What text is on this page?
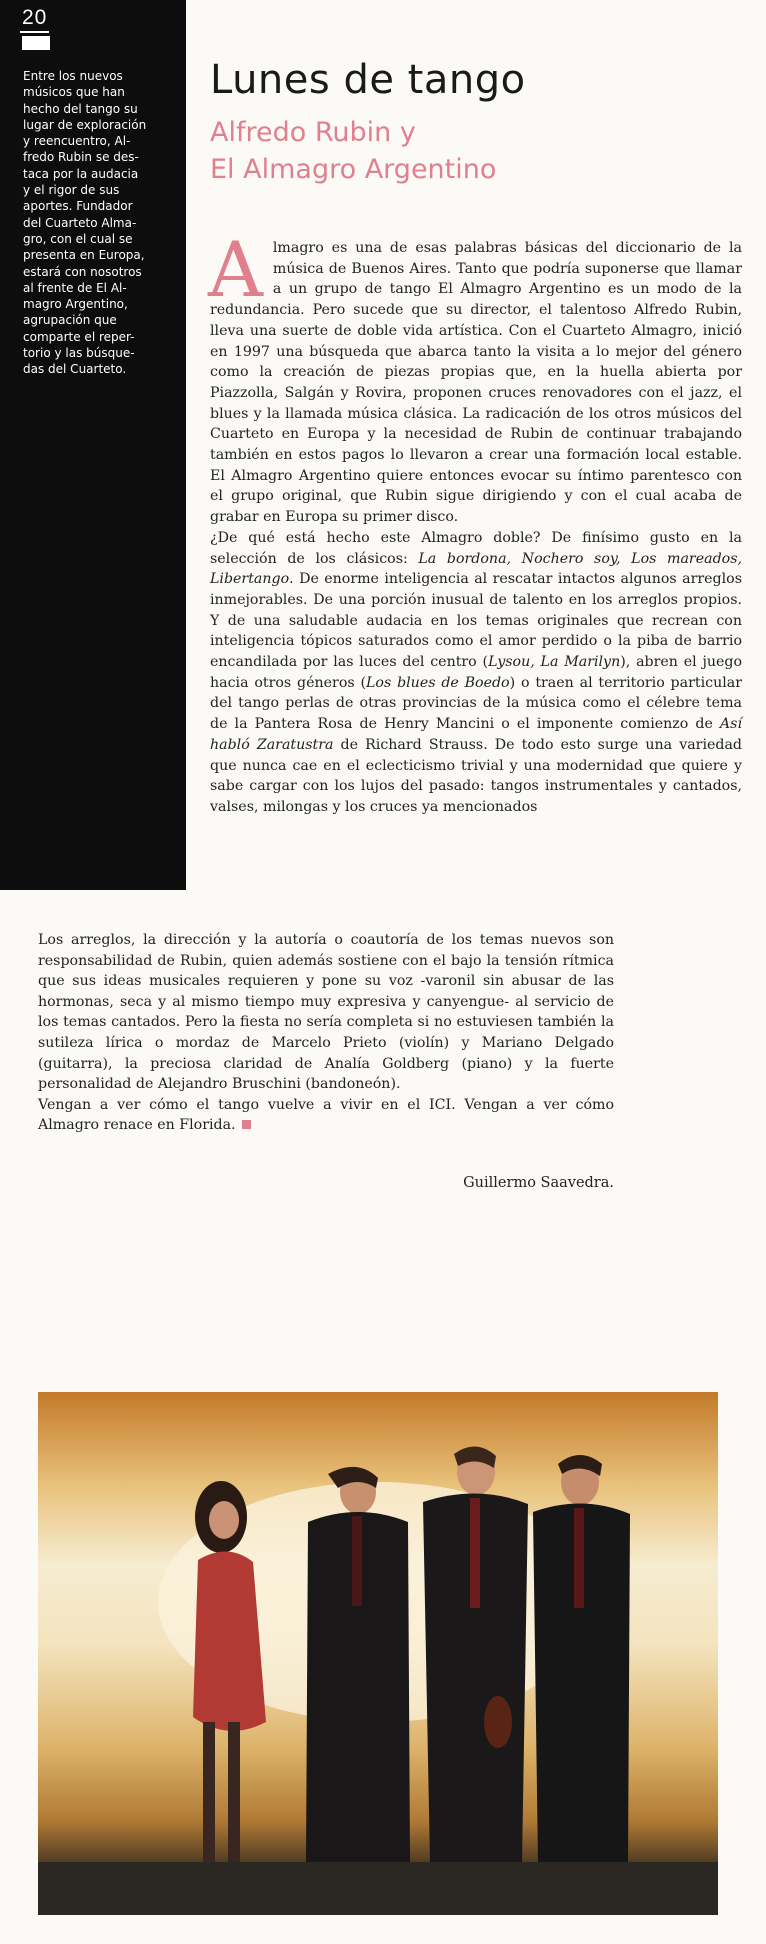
20
Entre los nuevos
músicos que han
hecho del tango su
lugar de exploración
y reencuentro, Al-
fredo Rubin se des-
taca por la audacia
y el rigor de sus
aportes. Fundador
del Cuarteto Alma-
gro, con el cual se
presenta en Europa,
estará con nosotros
al frente de El Al-
magro Argentino,
agrupación que
comparte el reper-
torio y las búsque-
das del Cuarteto.
Lunes de tango
Alfredo Rubin y
El Almagro Argentino

Almagro es una de esas palabras básicas del diccionario de la música de Buenos Aires. Tanto que podría suponerse que llamar a un grupo de tango El Almagro Argentino es un modo de la redundancia. Pero sucede que su director, el talentoso Alfredo Rubin, lleva una suerte de doble vida artística. Con el Cuarteto Almagro, inició en 1997 una búsqueda que abarca tanto la visita a lo mejor del género como la creación de piezas propias que, en la huella abierta por Piazzolla, Salgán y Rovira, proponen cruces renovadores con el jazz, el blues y la llamada música clásica. La radicación de los otros músicos del Cuarteto en Europa y la necesidad de Rubin de continuar trabajando también en estos pagos lo llevaron a crear una formación local estable. El Almagro Argentino quiere entonces evocar su íntimo parentesco con el grupo original, que Rubin sigue dirigiendo y con el cual acaba de grabar en Europa su primer disco.

¿De qué está hecho este Almagro doble? De finísimo gusto en la selección de los clásicos: La bordona, Nochero soy, Los mareados, Libertango. De enorme inteligencia al rescatar intactos algunos arreglos inmejorables. De una porción inusual de talento en los arreglos propios. Y de una saludable audacia en los temas originales que recrean con inteligencia tópicos saturados como el amor perdido o la piba de barrio encandilada por las luces del centro (Lysou, La Marilyn), abren el juego hacia otros géneros (Los blues de Boedo) o traen al territorio particular del tango perlas de otras provincias de la música como el célebre tema de la Pantera Rosa de Henry Mancini o el imponente comienzo de Así habló Zaratustra de Richard Strauss. De todo esto surge una variedad que nunca cae en el eclecticismo trivial y una modernidad que quiere y sabe cargar con los lujos del pasado: tangos instrumentales y cantados, valses, milongas y los cruces ya mencionados

Los arreglos, la dirección y la autoría o coautoría de los temas nuevos son responsabilidad de Rubin, quien además sostiene con el bajo la tensión rítmica que sus ideas musicales requieren y pone su voz -varonil sin abusar de las hormonas, seca y al mismo tiempo muy expresiva y canyengue- al servicio de los temas cantados. Pero la fiesta no sería completa si no estuviesen también la sutileza lírica o mordaz de Marcelo Prieto (violín) y Mariano Delgado (guitarra), la preciosa claridad de Analía Goldberg (piano) y la fuerte personalidad de Alejandro Bruschini (bandoneón).

Vengan a ver cómo el tango vuelve a vivir en el ICI. Vengan a ver cómo Almagro renace en Florida.

Guillermo Saavedra.
